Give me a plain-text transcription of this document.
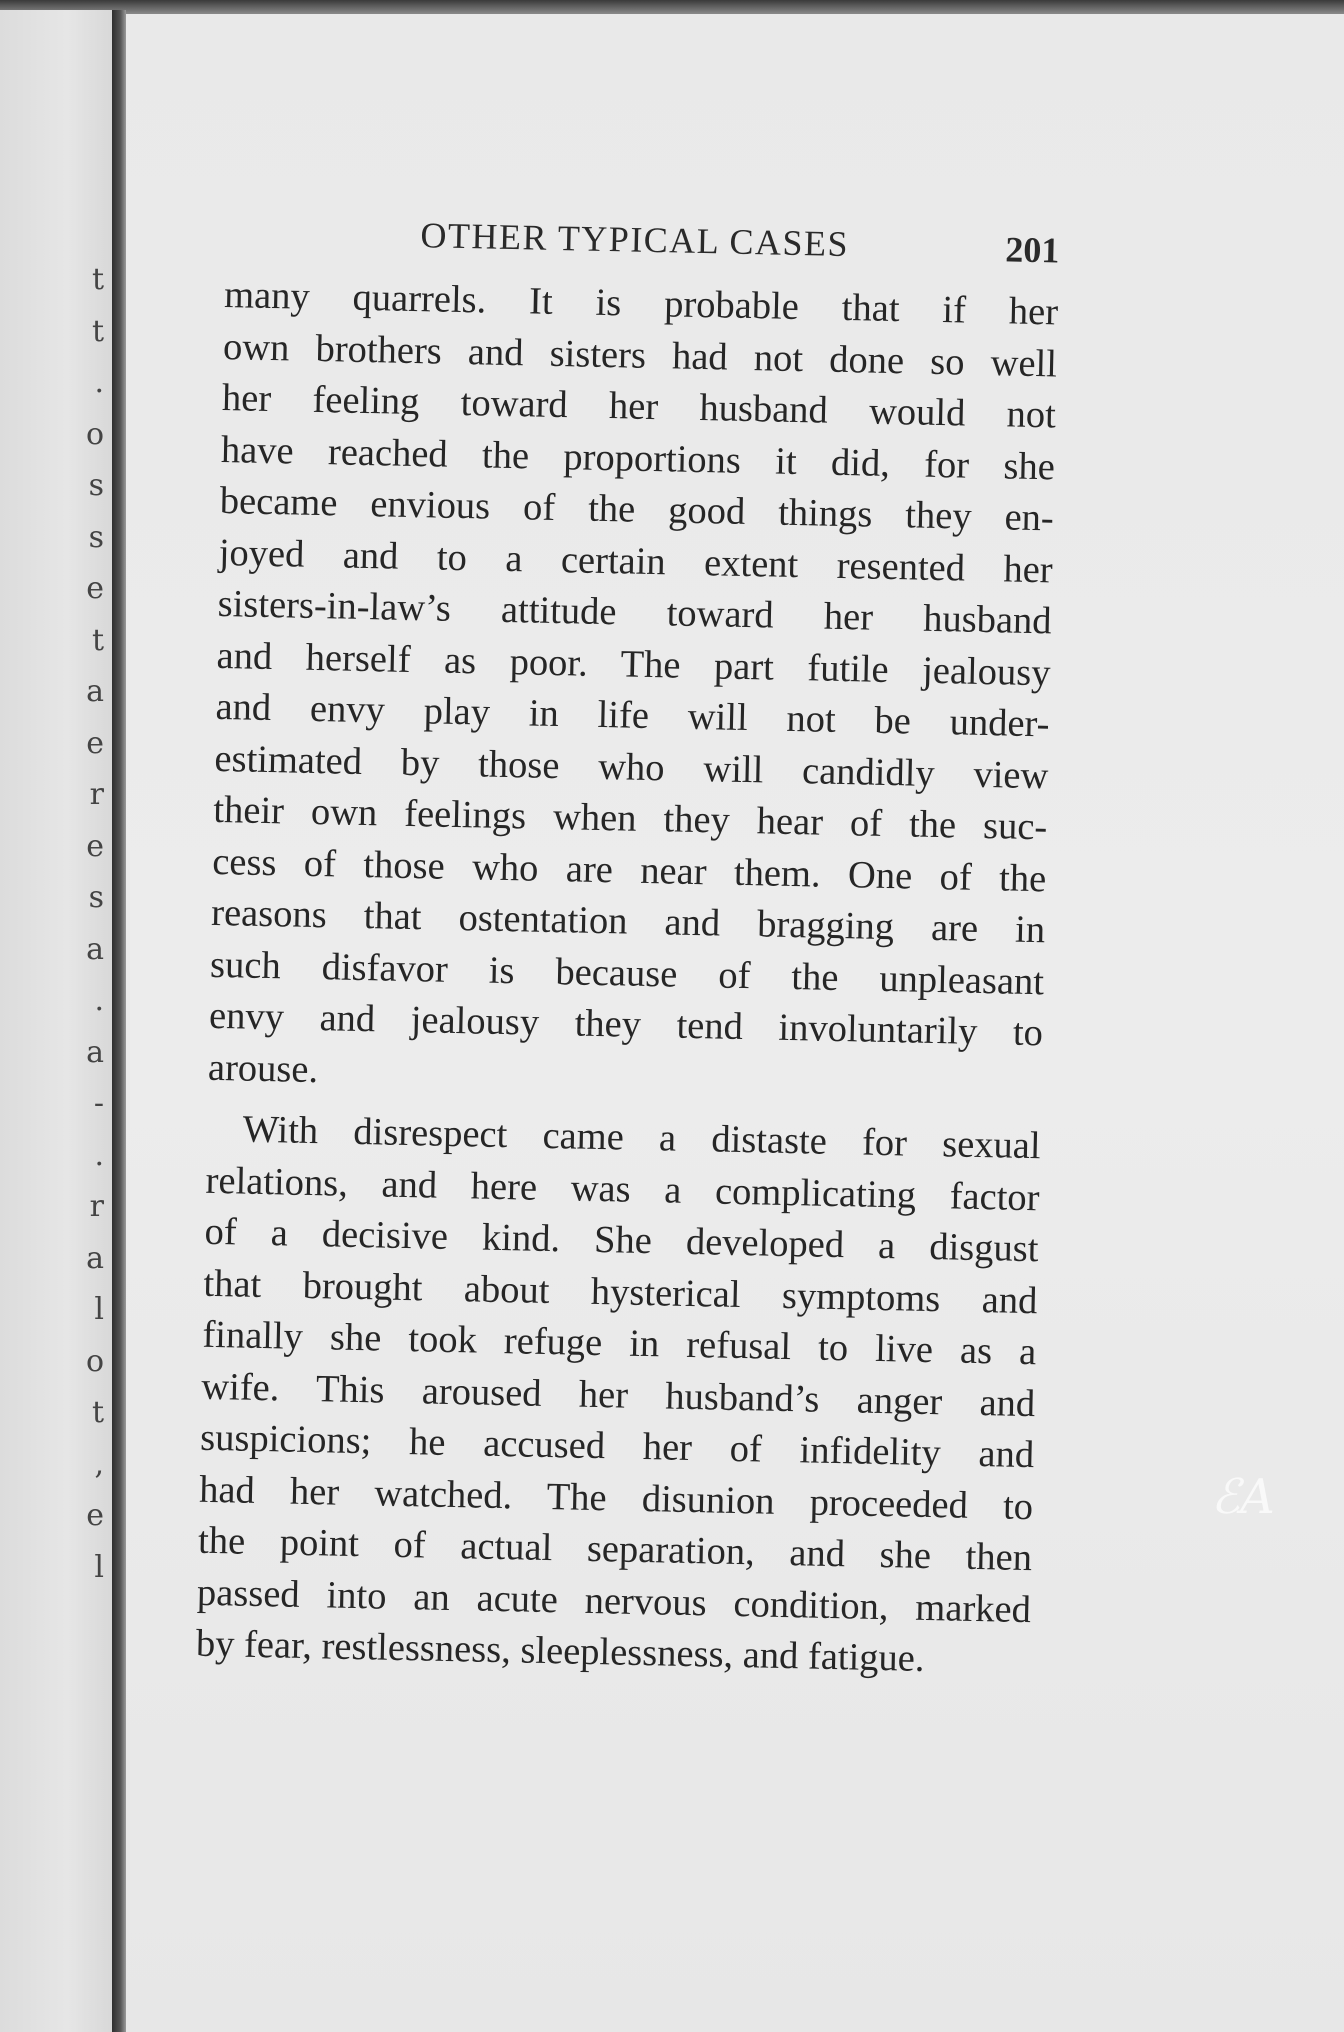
t
t
.
o
s
s
e
t
a
e
r
e
s
a
.
a
-
.
r
a
l
o
t
,
e
l
OTHER TYPICAL CASES	201
many quarrels. It is probable that if her
own brothers and sisters had not done so well
her feeling toward her husband would not
have reached the proportions it did, for she
became envious of the good things they en-
joyed and to a certain extent resented her
sisters-in-law’s attitude toward her husband
and herself as poor. The part futile jealousy
and envy play in life will not be under-
estimated by those who will candidly view
their own feelings when they hear of the suc-
cess of those who are near them. One of the
reasons that ostentation and bragging are in
such disfavor is because of the unpleasant
envy and jealousy they tend involuntarily to
arouse.
With disrespect came a distaste for sexual
relations, and here was a complicating factor
of a decisive kind. She developed a disgust
that brought about hysterical symptoms and
finally she took refuge in refusal to live as a
wife. This aroused her husband’s anger and
suspicions; he accused her of infidelity and
had her watched. The disunion proceeded to
the point of actual separation, and she then
passed into an acute nervous condition, marked
by fear, restlessness, sleeplessness, and fatigue.
ℰA
